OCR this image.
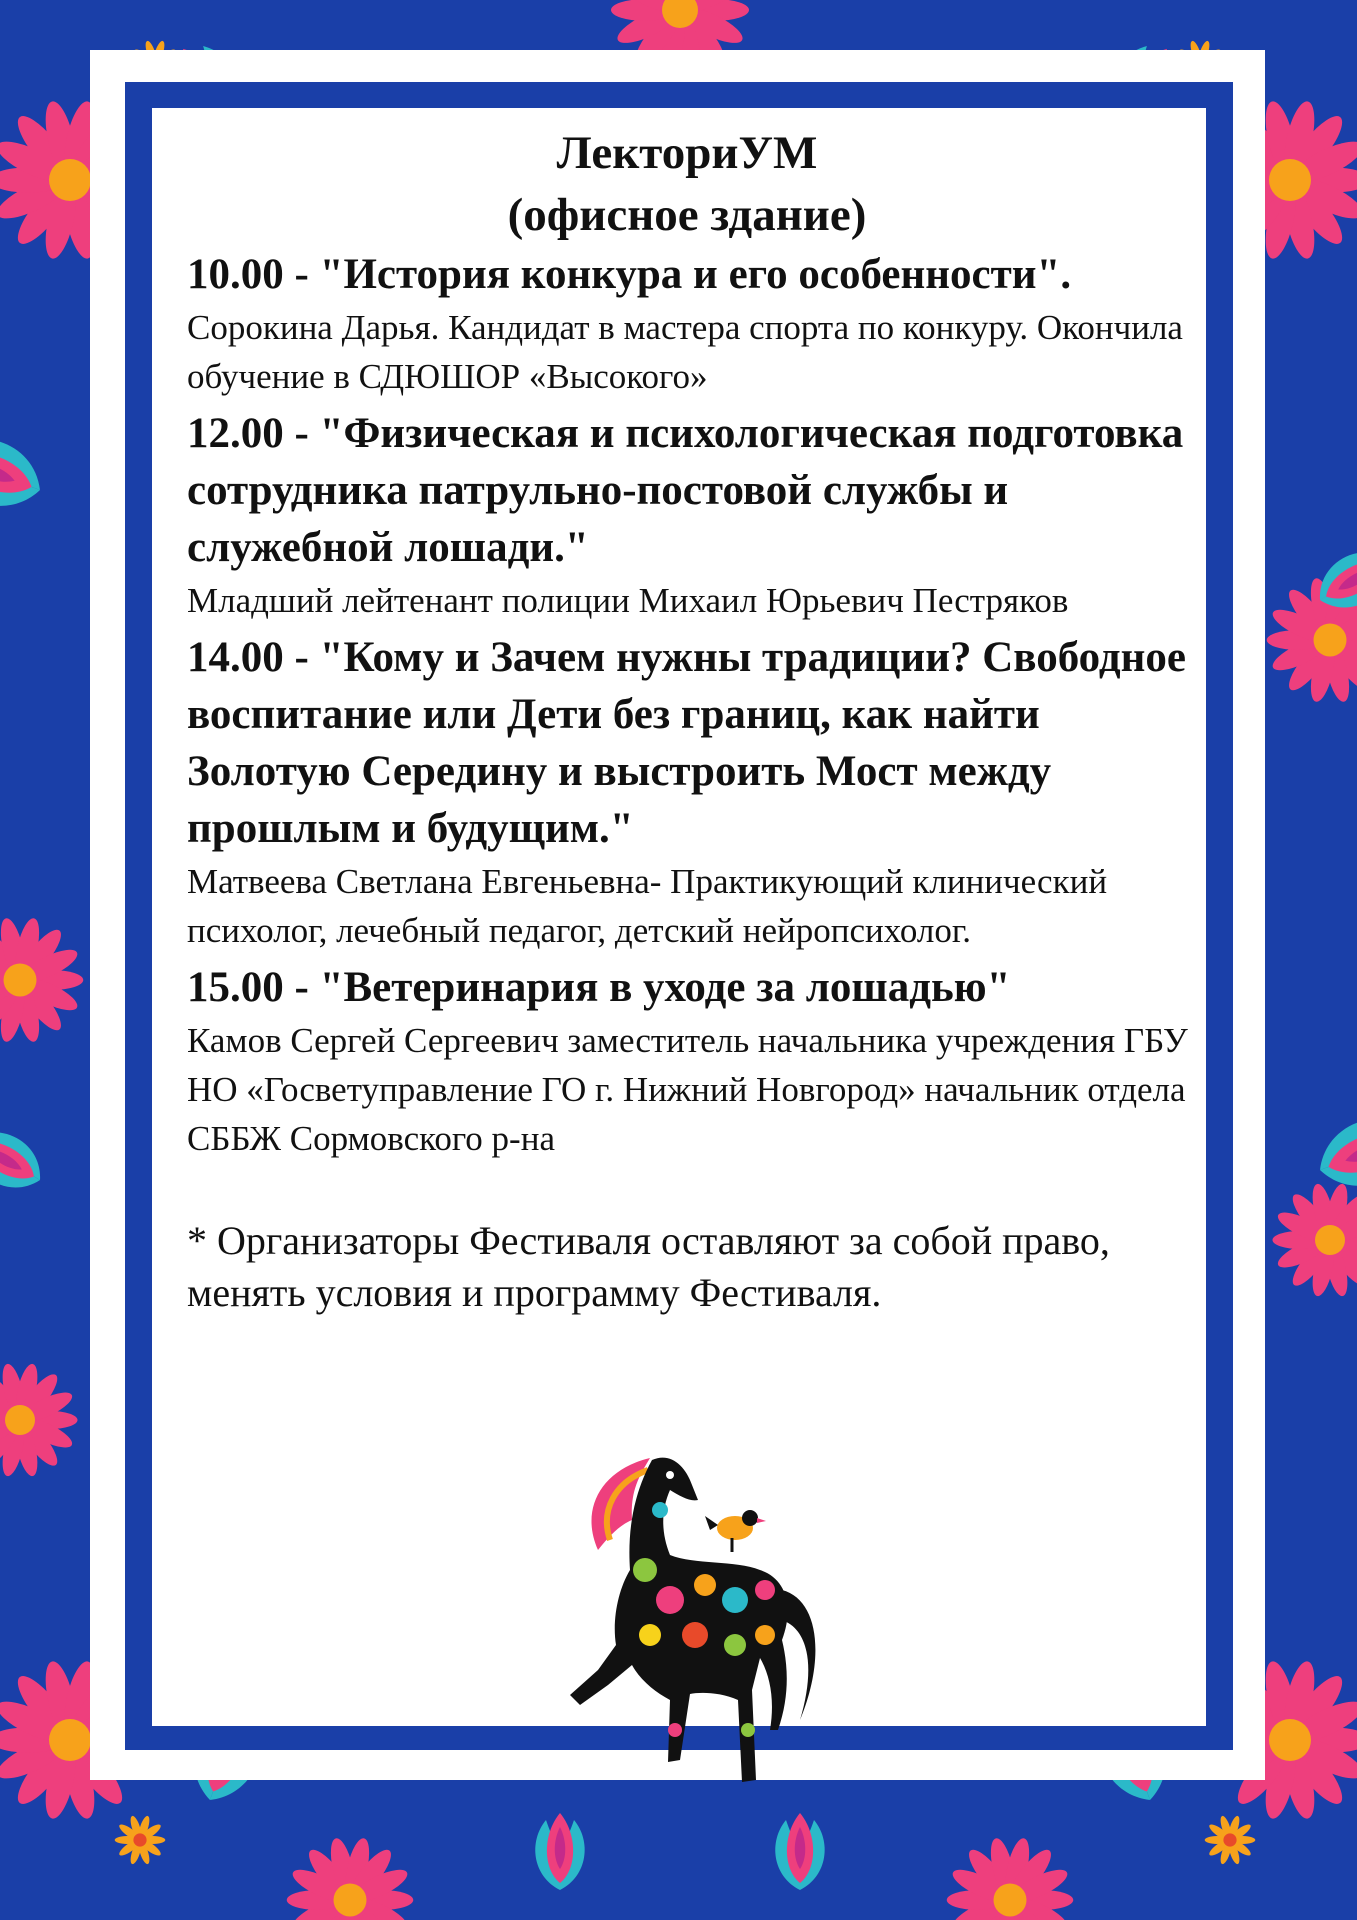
ЛекториУМ
(офисное здание)

10.00 - "История конкура и его особенности".

Сорокина Дарья. Кандидат в мастера спорта по конкуру. Окончила обучение в СДЮШОР «Высокого»

12.00 - "Физическая и психологическая подготовка сотрудника патрульно-постовой службы и служебной лошади."

Младший лейтенант полиции Михаил Юрьевич Пестряков

14.00 - "Кому и Зачем нужны традиции? Свободное воспитание или Дети без границ, как найти Золотую Середину и выстроить Мост между прошлым и будущим."

Матвеева Светлана Евгеньевна- Практикующий клинический психолог, лечебный педагог, детский нейропсихолог.

15.00 - "Ветеринария в уходе за лошадью"

Камов Сергей Сергеевич заместитель начальника учреждения ГБУ НО «Госветуправление ГО г. Нижний Новгород» начальник отдела СББЖ Сормовского р-на

* Организаторы Фестиваля оставляют за собой право, менять условия и программу Фестиваля.
